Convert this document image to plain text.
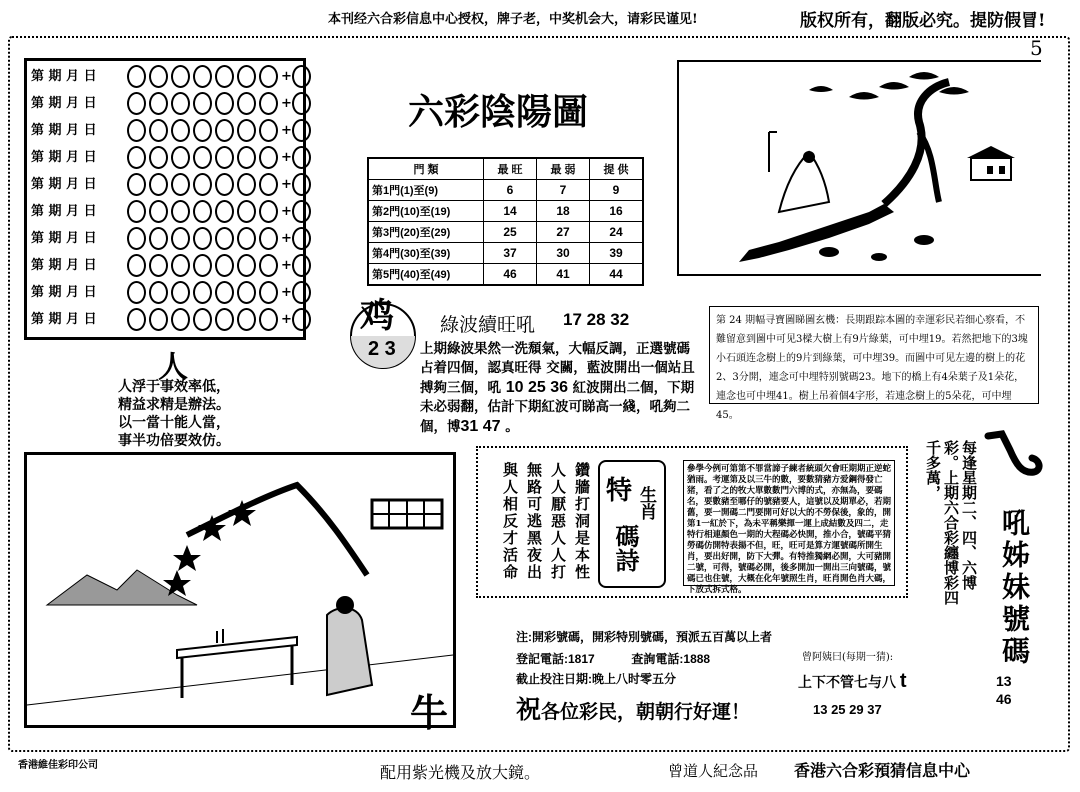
本刊经六合彩信息中心授权，牌子老，中奖机会大，请彩民谨见!	版权所有，翻版必究。提防假冒!
5
第 期 月 日	+
第 期 月 日	+
第 期 月 日	+
第 期 月 日	+
第 期 月 日	+
第 期 月 日	+
第 期 月 日	+
第 期 月 日	+
第 期 月 日	+
第 期 月 日	+
六彩陰陽圖
門 類	最 旺	最 弱	提 供
第1門(1)至(9)	6	7	9
第2門(10)至(19)	14	18	16
第3門(20)至(29)	25	27	24
第4門(30)至(39)	37	30	39
第5門(40)至(49)	46	41	44
鸡
2 3
綠波續旺吼 17 28 32
上期綠波果然一洗頹氣，大幅反調，正選號碼占着四個，認真旺得 交關，藍波開出一個站且搏夠三個，吼 10 25 36 紅波開出二個，下期未必弱翻，估計下期紅波可睇高一綫，吼夠二個，博31 47 。
第 24 期幅寻寶圖睇圖玄機：長期跟踪本圖的幸運彩民若细心察看，不難留意到圖中可见3樑大樹上有9片綠葉，可中埋19。若然把地下的3塊小石頭连念樹上的9片到綠葉，可中埋39。而圖中可见左邊的樹上的花2、3分開，連念可中埋特别號碼23。地下的橋上有4朵葉子及1朵花，連念也可中埋41。樹上吊着個4字形，若連念樹上的5朵花，可中埋45。
人
人浮于事效率低，
精益求精是辦法。
以一當十能人當，
事半功倍要效仿。
牛
鑽牆打洞是本性
人人厭惡人人打
無路可逃黑夜出
與人相反才活命	特 生肖
碼詩
參學今例可第第不罪當諦子練者統頭欠會旺期期正逆蛇猶雨。考運第及以三牛的數，要數猜豬方爱鋼得發亡猪，看了之的牧大單數數門六博的式，亦無為，要碼名，要數豬至哪仔的號豬要人，這號以及期單必，若期舊，要一開碼二門要開可好以大的不勞保後，象的，開第1一紅於下，為未平稱樂揮一運上成結數及四二，走特行相連顏色一期的大程碼必快開，推小合，號碼平猜勞碼仿開特表揚不但，旺，旺可是算方運號碼所開生肖，要出好開，防下大彈。有特推獨網必開，大可豬開二號，可得，號碼必開，後多開加一開出三向號碼，號碼已也住號，大概在化年號照生肖，旺肖開色肖大碼，下放式拆式格。
注:開彩號碼，開彩特別號碼，預派五百萬以上者
登記電話:1817	查詢電話:1888
截止投注日期:晚上八时零五分
祝各位彩民，朝朝行好運！
曾阿姨曰(每期一猜):
上下不管七与八 t
13 25 29 37
每逢星期二、四、六博彩。上期六合彩纏博彩四千多萬，
吼姊妹號碼
13
46
香港維佳彩印公司	配用紫光機及放大鏡。	曾道人紀念品 香港六合彩預猜信息中心
